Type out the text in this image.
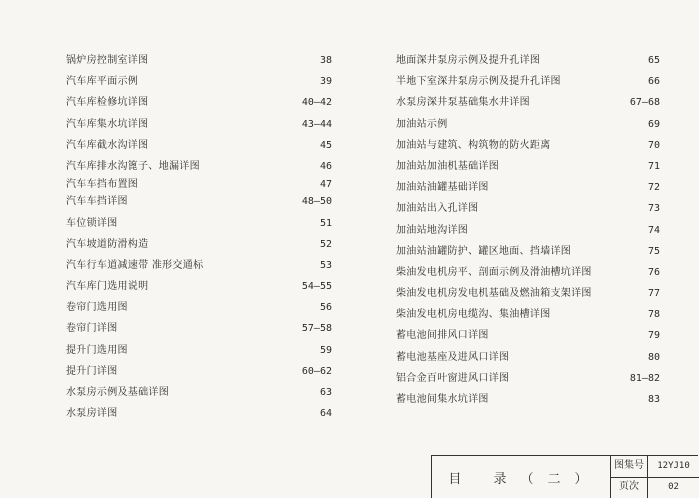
锅炉房控制室详图	38
汽车库平面示例	39
汽车库检修坑详图	40–42
汽车库集水坑详图	43–44
汽车库截水沟详图	45
汽车库排水沟篦子、地漏详图	46
汽车车挡布置图	47
汽车车挡详图	48–50
车位锁详图	51
汽车坡道防滑构造	52
汽车行车道减速带 准形交通标	53
汽车库门选用说明	54–55
卷帘门选用图	56
卷帘门详图	57–58
提升门选用图	59
提升门详图	60–62
水泵房示例及基础详图	63
水泵房详图	64
地面深井泵房示例及提升孔详图	65
半地下室深井泵房示例及提升孔详图	66
水泵房深井泵基础集水井详图	67–68
加油站示例	69
加油站与建筑、构筑物的防火距离	70
加油站加油机基础详图	71
加油站油罐基础详图	72
加油站出入孔详图	73
加油站地沟详图	74
加油站油罐防护、罐区地面、挡墙详图	75
柴油发电机房平、剖面示例及滑油槽坑详图	76
柴油发电机房发电机基础及燃油箱支架详图	77
柴油发电机房电缆沟、集油槽详图	78
蓄电池间排风口详图	79
蓄电池基座及进风口详图	80
铝合金百叶窗进风口详图	81–82
蓄电池间集水坑详图	83
目 录（二）
图集号	12YJ10
页次	02
